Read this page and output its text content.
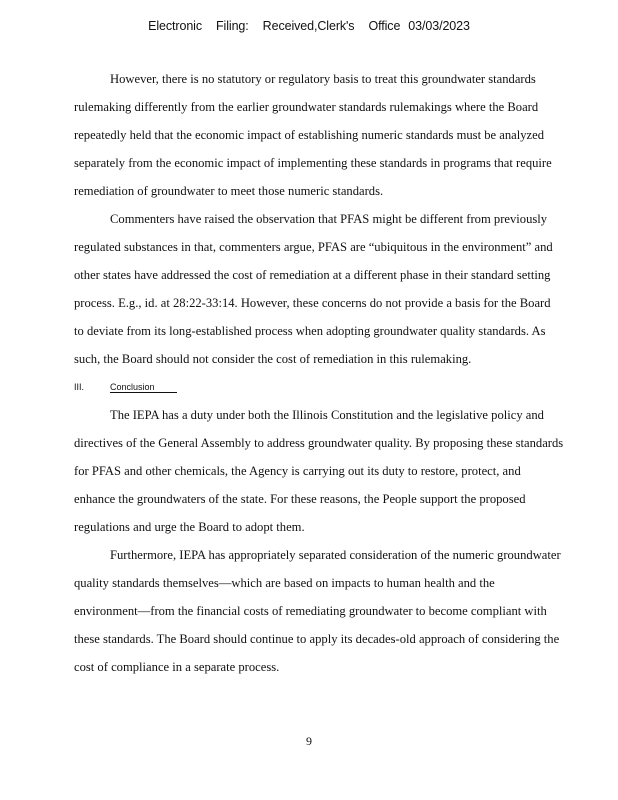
Electronic Filing: Received,Clerk's Office 03/03/2023
However, there is no statutory or regulatory basis to treat this groundwater standards
rulemaking differently from the earlier groundwater standards rulemakings where the Board
repeatedly held that the economic impact of establishing numeric standards must be analyzed
separately from the economic impact of implementing these standards in programs that require
remediation of groundwater to meet those numeric standards.
Commenters have raised the observation that PFAS might be different from previously
regulated substances in that, commenters argue, PFAS are “ubiquitous in the environment” and
other states have addressed the cost of remediation at a different phase in their standard setting
process. E.g., id. at 28:22-33:14. However, these concerns do not provide a basis for the Board
to deviate from its long-established process when adopting groundwater quality standards. As
such, the Board should not consider the cost of remediation in this rulemaking.
III.	Conclusion
The IEPA has a duty under both the Illinois Constitution and the legislative policy and
directives of the General Assembly to address groundwater quality. By proposing these standards
for PFAS and other chemicals, the Agency is carrying out its duty to restore, protect, and
enhance the groundwaters of the state. For these reasons, the People support the proposed
regulations and urge the Board to adopt them.
Furthermore, IEPA has appropriately separated consideration of the numeric groundwater
quality standards themselves—which are based on impacts to human health and the
environment—from the financial costs of remediating groundwater to become compliant with
these standards. The Board should continue to apply its decades-old approach of considering the
cost of compliance in a separate process.
9
